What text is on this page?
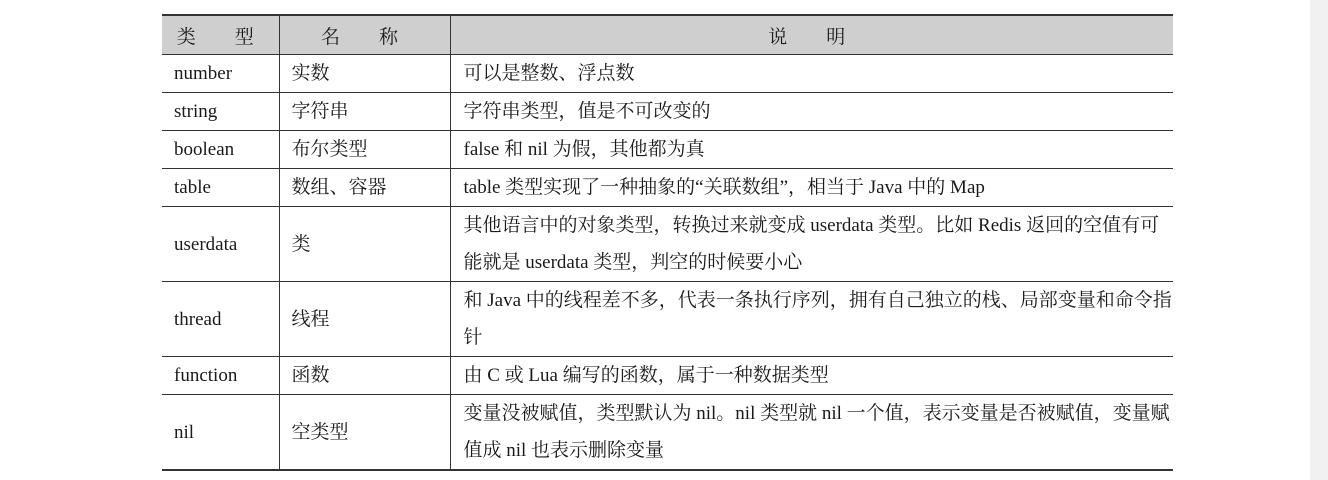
类　型	名　称	说　明
number	实数	可以是整数、浮点数
string	字符串	字符串类型，值是不可改变的
boolean	布尔类型	false 和 nil 为假，其他都为真
table	数组、容器	table 类型实现了一种抽象的“关联数组”，相当于 Java 中的 Map
userdata	类	其他语言中的对象类型，转换过来就变成 userdata 类型。比如 Redis 返回的空值有可能就是 userdata 类型，判空的时候要小心
thread	线程	和 Java 中的线程差不多，代表一条执行序列，拥有自己独立的栈、局部变量和命令指针
function	函数	由 C 或 Lua 编写的函数，属于一种数据类型
nil	空类型	变量没被赋值，类型默认为 nil。nil 类型就 nil 一个值，表示变量是否被赋值，变量赋值成 nil 也表示删除变量
